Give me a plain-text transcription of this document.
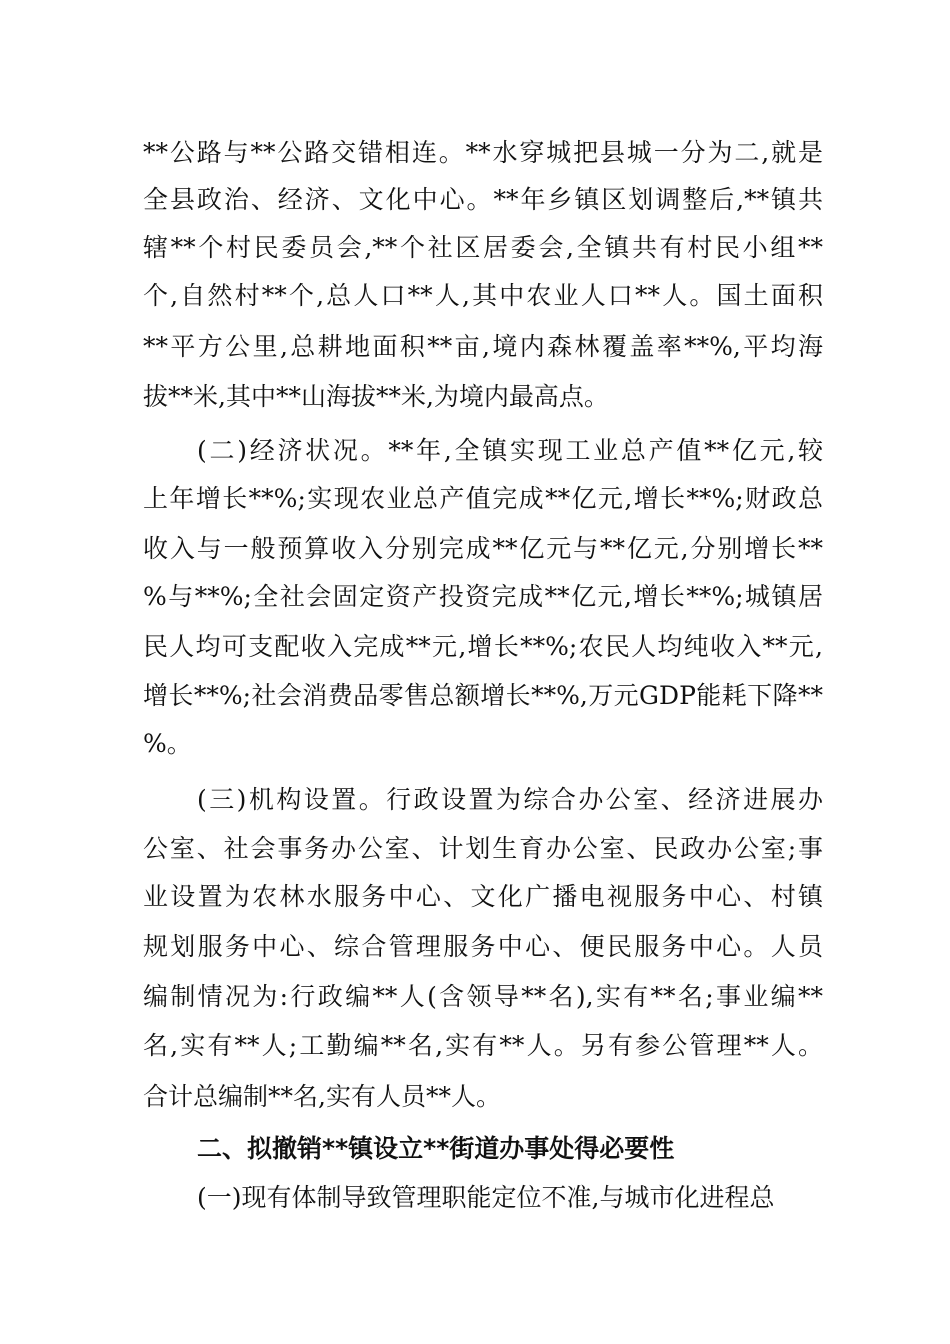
**公路与**公路交错相连。**水穿城把县城一分为二,就是
全县政治、经济、文化中心。**年乡镇区划调整后,**镇共
辖**个村民委员会,**个社区居委会,全镇共有村民小组**
个,自然村**个,总人口**人,其中农业人口**人。国土面积
**平方公里,总耕地面积**亩,境内森林覆盖率**%,平均海
拔**米,其中**山海拔**米,为境内最高点。
(二)经济状况。**年,全镇实现工业总产值**亿元,较
上年增长**%;实现农业总产值完成**亿元,增长**%;财政总
收入与一般预算收入分别完成**亿元与**亿元,分别增长**
%与**%;全社会固定资产投资完成**亿元,增长**%;城镇居
民人均可支配收入完成**元,增长**%;农民人均纯收入**元,
增长**%;社会消费品零售总额增长**%,万元GDP能耗下降**
%。
(三)机构设置。行政设置为综合办公室、经济进展办
公室、社会事务办公室、计划生育办公室、民政办公室;事
业设置为农林水服务中心、文化广播电视服务中心、村镇
规划服务中心、综合管理服务中心、便民服务中心。人员
编制情况为:行政编**人(含领导**名),实有**名;事业编**
名,实有**人;工勤编**名,实有**人。另有参公管理**人。
合计总编制**名,实有人员**人。
二、拟撤销**镇设立**街道办事处得必要性
(一)现有体制导致管理职能定位不准,与城市化进程总
